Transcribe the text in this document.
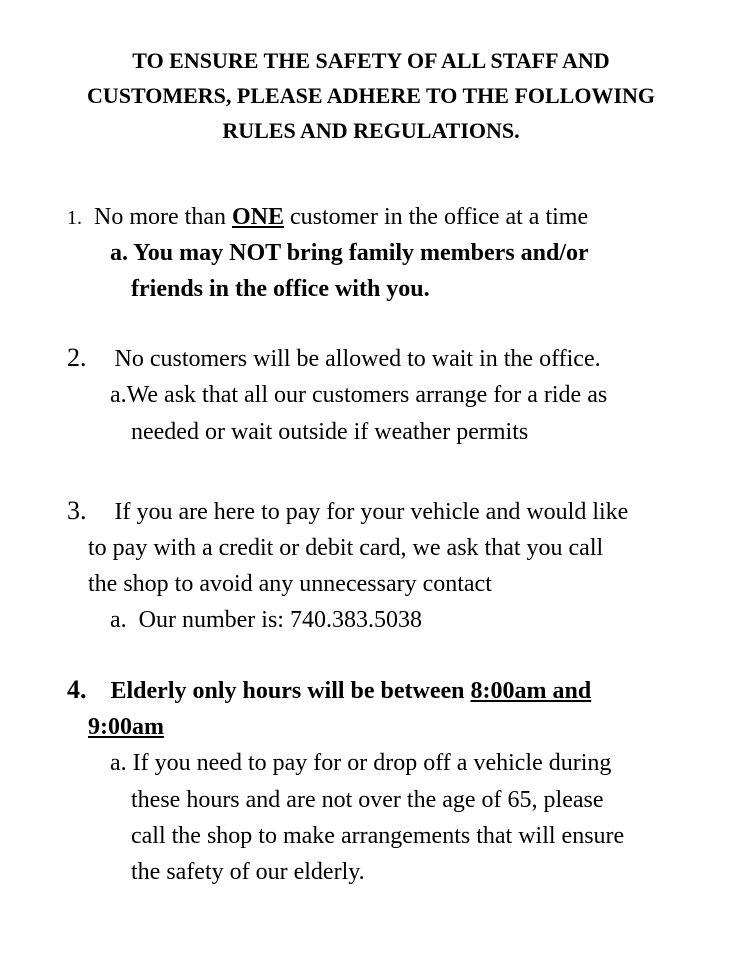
TO ENSURE THE SAFETY OF ALL STAFF AND
CUSTOMERS, PLEASE ADHERE TO THE FOLLOWING
RULES AND REGULATIONS.
1. No more than ONE customer in the office at a time
a. You may NOT bring family members and/or
friends in the office with you.
2. No customers will be allowed to wait in the office.
a.We ask that all our customers arrange for a ride as
needed or wait outside if weather permits
3. If you are here to pay for your vehicle and would like
to pay with a credit or debit card, we ask that you call
the shop to avoid any unnecessary contact
a. Our number is: 740.383.5038
4. Elderly only hours will be between 8:00am and
9:00am
a. If you need to pay for or drop off a vehicle during
these hours and are not over the age of 65, please
call the shop to make arrangements that will ensure
the safety of our elderly.
